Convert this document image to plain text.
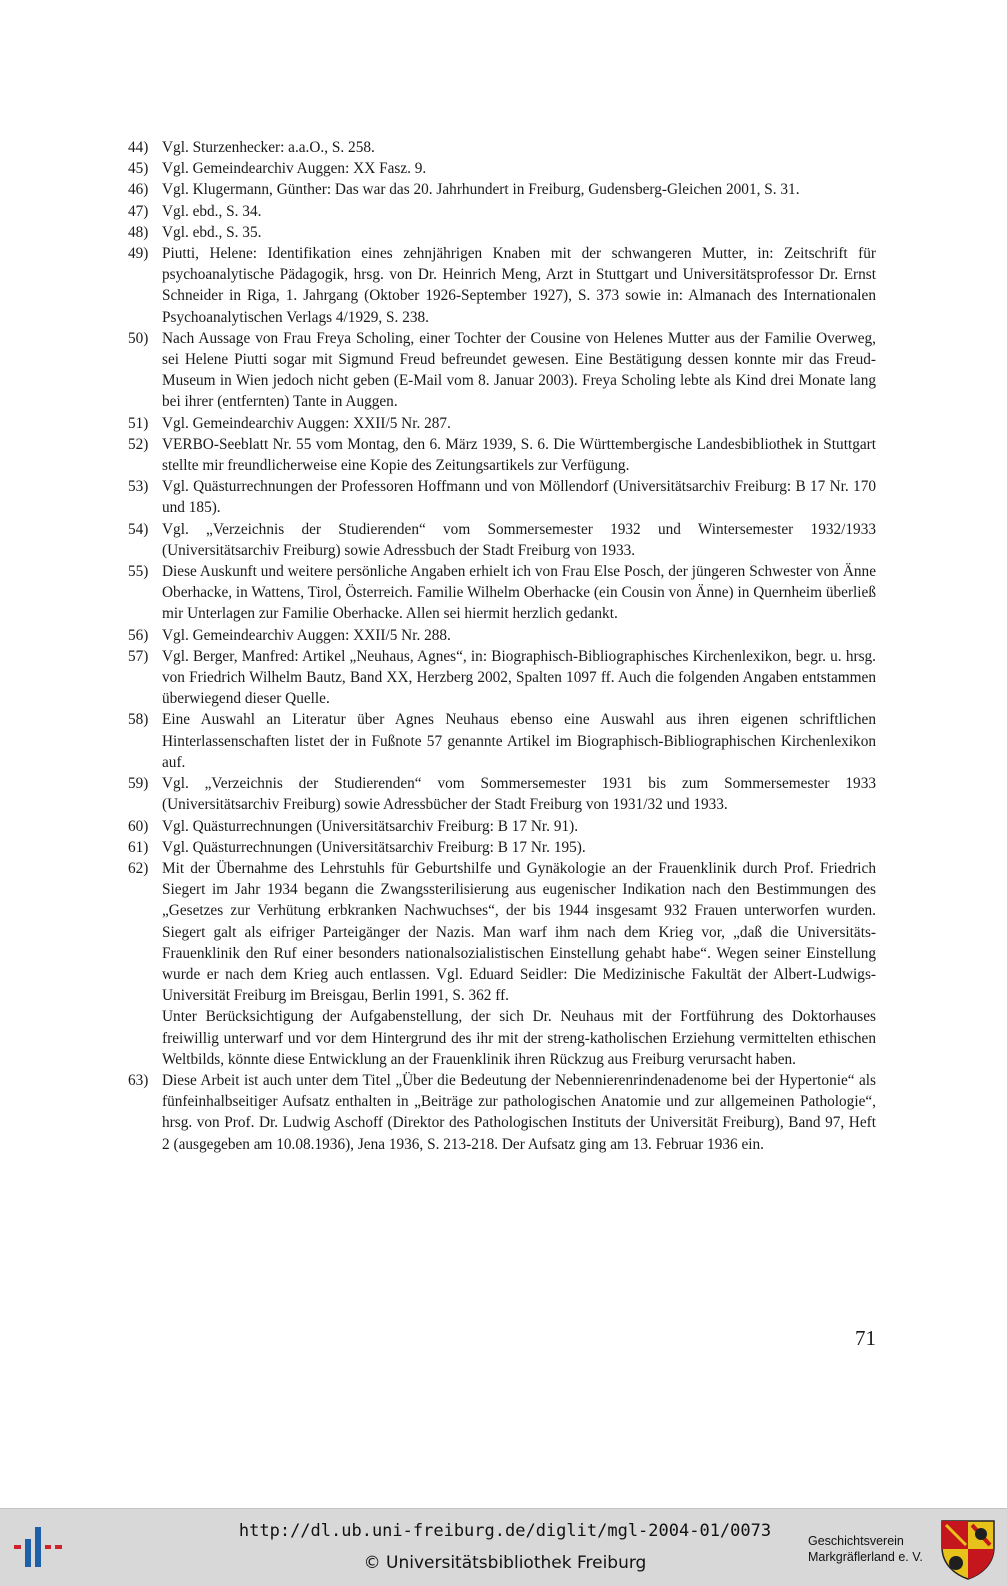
44) Vgl. Sturzenhecker: a.a.O., S. 258.
45) Vgl. Gemeindearchiv Auggen: XX Fasz. 9.
46) Vgl. Klugermann, Günther: Das war das 20. Jahrhundert in Freiburg, Gudensberg-Gleichen 2001, S. 31.
47) Vgl. ebd., S. 34.
48) Vgl. ebd., S. 35.
49) Piutti, Helene: Identifikation eines zehnjährigen Knaben mit der schwangeren Mutter, in: Zeitschrift für psychoanalytische Pädagogik, hrsg. von Dr. Heinrich Meng, Arzt in Stuttgart und Universitätsprofessor Dr. Ernst Schneider in Riga, 1. Jahrgang (Oktober 1926-September 1927), S. 373 sowie in: Almanach des Internationalen Psychoanalytischen Verlags 4/1929, S. 238.
50) Nach Aussage von Frau Freya Scholing, einer Tochter der Cousine von Helenes Mutter aus der Familie Overweg, sei Helene Piutti sogar mit Sigmund Freud befreundet gewesen. Eine Bestätigung dessen konnte mir das Freud-Museum in Wien jedoch nicht geben (E-Mail vom 8. Januar 2003). Freya Scholing lebte als Kind drei Monate lang bei ihrer (entfernten) Tante in Auggen.
51) Vgl. Gemeindearchiv Auggen: XXII/5 Nr. 287.
52) VERBO-Seeblatt Nr. 55 vom Montag, den 6. März 1939, S. 6. Die Württembergische Landesbibliothek in Stuttgart stellte mir freundlicherweise eine Kopie des Zeitungsartikels zur Verfügung.
53) Vgl. Quästurrechnungen der Professoren Hoffmann und von Möllendorf (Universitätsarchiv Freiburg: B 17 Nr. 170 und 185).
54) Vgl. „Verzeichnis der Studierenden“ vom Sommersemester 1932 und Wintersemester 1932/1933 (Universitätsarchiv Freiburg) sowie Adressbuch der Stadt Freiburg von 1933.
55) Diese Auskunft und weitere persönliche Angaben erhielt ich von Frau Else Posch, der jüngeren Schwester von Änne Oberhacke, in Wattens, Tirol, Österreich. Familie Wilhelm Oberhacke (ein Cousin von Änne) in Quernheim überließ mir Unterlagen zur Familie Oberhacke. Allen sei hiermit herzlich gedankt.
56) Vgl. Gemeindearchiv Auggen: XXII/5 Nr. 288.
57) Vgl. Berger, Manfred: Artikel „Neuhaus, Agnes“, in: Biographisch-Bibliographisches Kirchenlexikon, begr. u. hrsg. von Friedrich Wilhelm Bautz, Band XX, Herzberg 2002, Spalten 1097 ff. Auch die folgenden Angaben entstammen überwiegend dieser Quelle.
58) Eine Auswahl an Literatur über Agnes Neuhaus ebenso eine Auswahl aus ihren eigenen schriftlichen Hinterlassenschaften listet der in Fußnote 57 genannte Artikel im Biographisch-Bibliographischen Kirchenlexikon auf.
59) Vgl. „Verzeichnis der Studierenden“ vom Sommersemester 1931 bis zum Sommersemester 1933 (Universitätsarchiv Freiburg) sowie Adressbücher der Stadt Freiburg von 1931/32 und 1933.
60) Vgl. Quästurrechnungen (Universitätsarchiv Freiburg: B 17 Nr. 91).
61) Vgl. Quästurrechnungen (Universitätsarchiv Freiburg: B 17 Nr. 195).
62) Mit der Übernahme des Lehrstuhls für Geburtshilfe und Gynäkologie an der Frauenklinik durch Prof. Friedrich Siegert im Jahr 1934 begann die Zwangssterilisierung aus eugenischer Indikation nach den Bestimmungen des „Gesetzes zur Verhütung erbkranken Nachwuchses“, der bis 1944 insgesamt 932 Frauen unterworfen wurden. Siegert galt als eifriger Parteigänger der Nazis. Man warf ihm nach dem Krieg vor, „daß die Universitäts-Frauenklinik den Ruf einer besonders nationalsozialistischen Einstellung gehabt habe“. Wegen seiner Einstellung wurde er nach dem Krieg auch entlassen. Vgl. Eduard Seidler: Die Medizinische Fakultät der Albert-Ludwigs-Universität Freiburg im Breisgau, Berlin 1991, S. 362 ff.
Unter Berücksichtigung der Aufgabenstellung, der sich Dr. Neuhaus mit der Fortführung des Doktorhauses freiwillig unterwarf und vor dem Hintergrund des ihr mit der streng-katholischen Erziehung vermittelten ethischen Weltbilds, könnte diese Entwicklung an der Frauenklinik ihren Rückzug aus Freiburg verursacht haben.
63) Diese Arbeit ist auch unter dem Titel „Über die Bedeutung der Nebennierenrindenadenome bei der Hypertonie“ als fünfeinhalbseitiger Aufsatz enthalten in „Beiträge zur pathologischen Anatomie und zur allgemeinen Pathologie“, hrsg. von Prof. Dr. Ludwig Aschoff (Direktor des Pathologischen Instituts der Universität Freiburg), Band 97, Heft 2 (ausgegeben am 10.08.1936), Jena 1936, S. 213-218. Der Aufsatz ging am 13. Februar 1936 ein.
71
http://dl.ub.uni-freiburg.de/diglit/mgl-2004-01/0073
© Universitätsbibliothek Freiburg
Geschichtsverein
Markgräflerland e. V.
